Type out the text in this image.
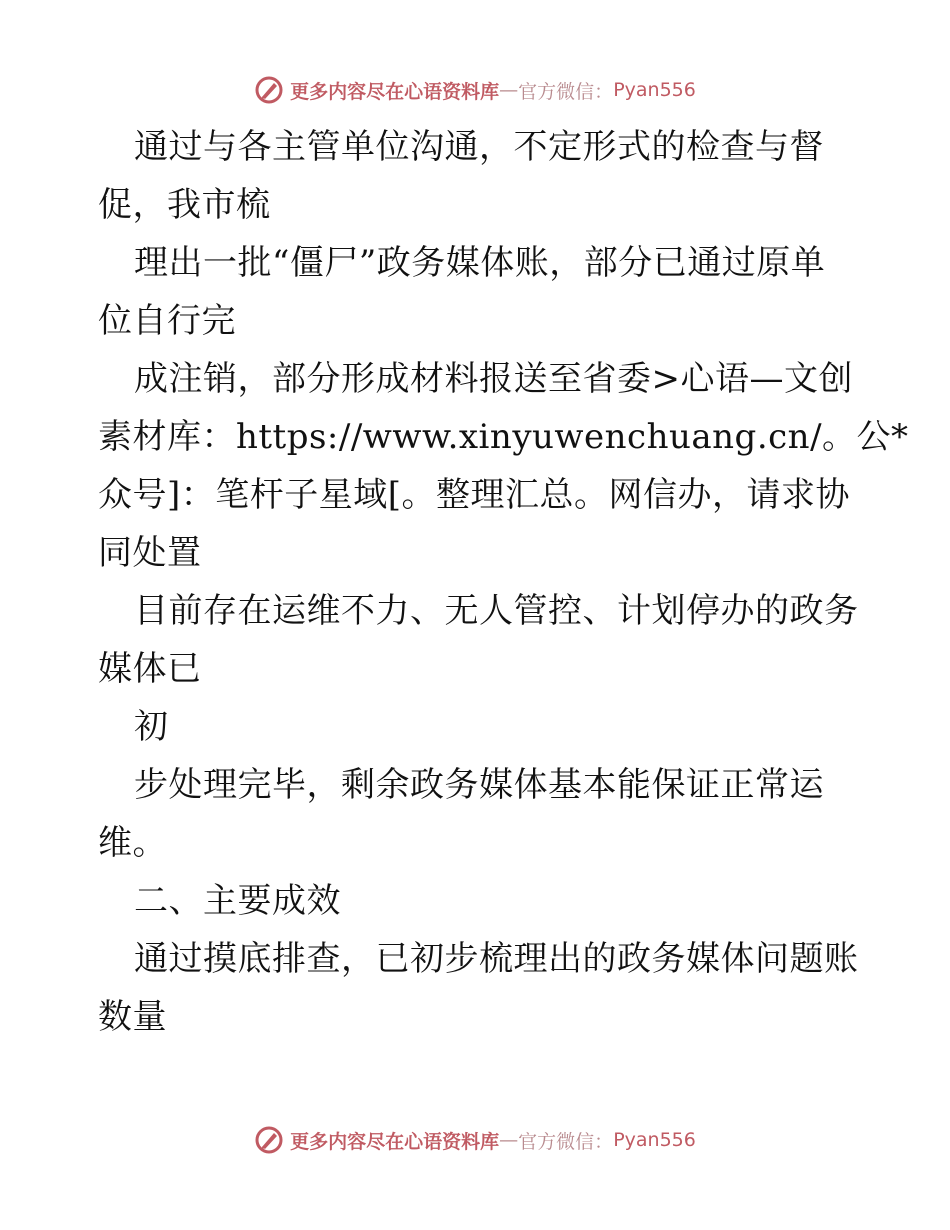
更多内容尽在心语资料库 — 官方微信： Pyan556
通过与各主管单位沟通，不定形式的检查与督
促，我市梳
理出一批“僵尸”政务媒体账，部分已通过原单
位自行完
成注销，部分形成材料报送至省委>心语—文创
素材库：https://www.xinyuwenchuang.cn/。公*
众号]：笔杆子星域[。整理汇总。网信办，请求协
同处置
目前存在运维不力、无人管控、计划停办的政务
媒体已
初
步处理完毕，剩余政务媒体基本能保证正常运
维。
二、主要成效
通过摸底排查，已初步梳理出的政务媒体问题账
数量
更多内容尽在心语资料库 — 官方微信： Pyan556
